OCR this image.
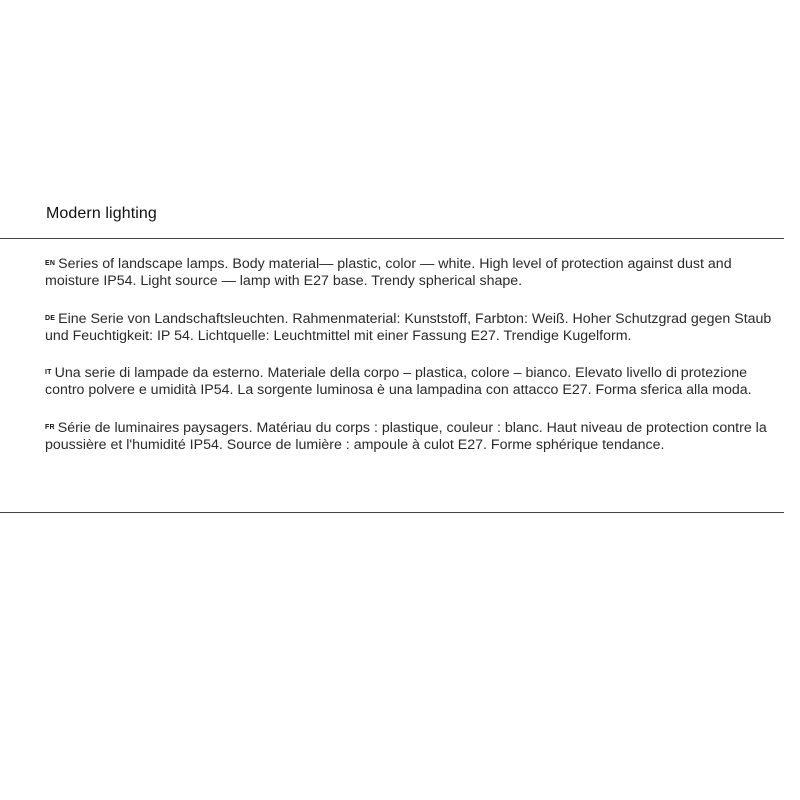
Modern lighting

$^{EN}$ Series of landscape lamps. Body material— plastic, color — white. High level of protection against dust and moisture IP54. Light source — lamp with E27 base. Trendy spherical shape.

$^{DE}$ Eine Serie von Landschaftsleuchten. Rahmenmaterial: Kunststoff, Farbton: Weiß. Hoher Schutzgrad gegen Staub und Feuchtigkeit: IP 54. Lichtquelle: Leuchtmittel mit einer Fassung E27. Trendige Kugelform.

$^{IT}$ Una serie di lampade da esterno. Materiale della corpo – plastica, colore – bianco. Elevato livello di protezione contro polvere e umidità IP54. La sorgente luminosa è una lampadina con attacco E27. Forma sferica alla moda.

$^{FR}$ Série de luminaires paysagers. Matériau du corps : plastique, couleur : blanc. Haut niveau de protection contre la poussière et l'humidité IP54. Source de lumière : ampoule à culot E27. Forme sphérique tendance.
